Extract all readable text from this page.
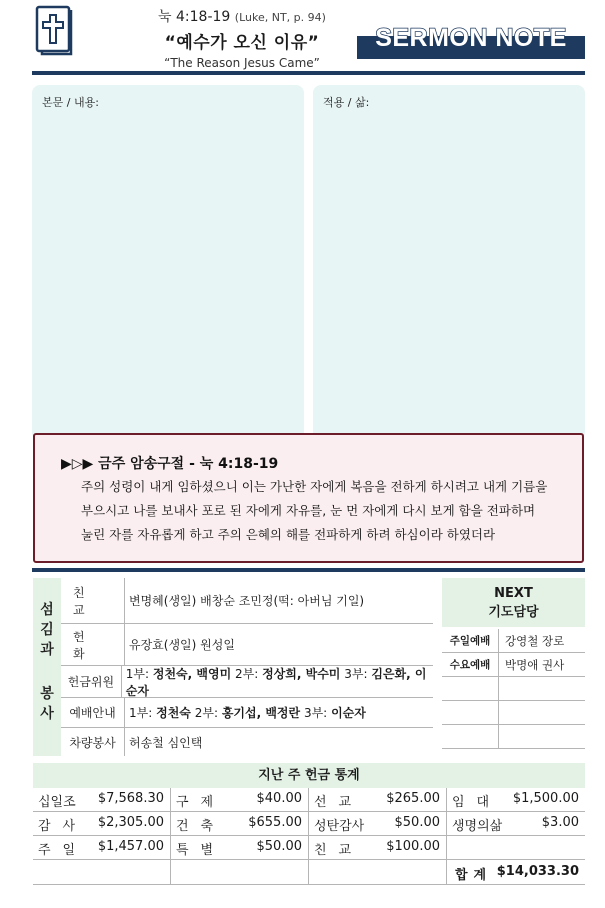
눅 4:18-19 (Luke, NT, p. 94)
“예수가 오신 이유”
“The Reason Jesus Came”
SERMON NOTE
본문 / 내용:	적용 / 삶:
▶▷▶ 금주 암송구절 - 눅 4:18-19
주의 성령이 내게 임하셨으니 이는 가난한 자에게 복음을 전하게 하시려고 내게 기름을
부으시고 나를 보내사 포로 된 자에게 자유를, 눈 먼 자에게 다시 보게 함을 전파하며
눌린 자를 자유롭게 하고 주의 은혜의 해를 전파하게 하려 하심이라 하였더라
섬
김
과
봉
사
친교
변명혜(생일) 배창순 조민정(떡: 아버님 기일)
헌화
유장효(생일) 원성일
헌금위원
1부: 정천숙, 백영미 2부: 정상희, 박수미 3부: 김은화, 이순자
예배안내	1부: 정천숙 2부: 홍기섭, 백정란 3부: 이순자
차량봉사	허송철 심인택
NEXT
기도담당
주일예배	강영철 장로
수요예배	박명애 권사
지난 주 헌금 통계
십일조 $7,568.30 구제 $40.00 선교 $265.00 임대 $1,500.00
감사 $2,305.00 건축 $655.00 성탄감사 $50.00 생명의삶	$3.00
주일 $1,457.00 특별 $50.00 친교 $100.00
합계 $14,033.30
